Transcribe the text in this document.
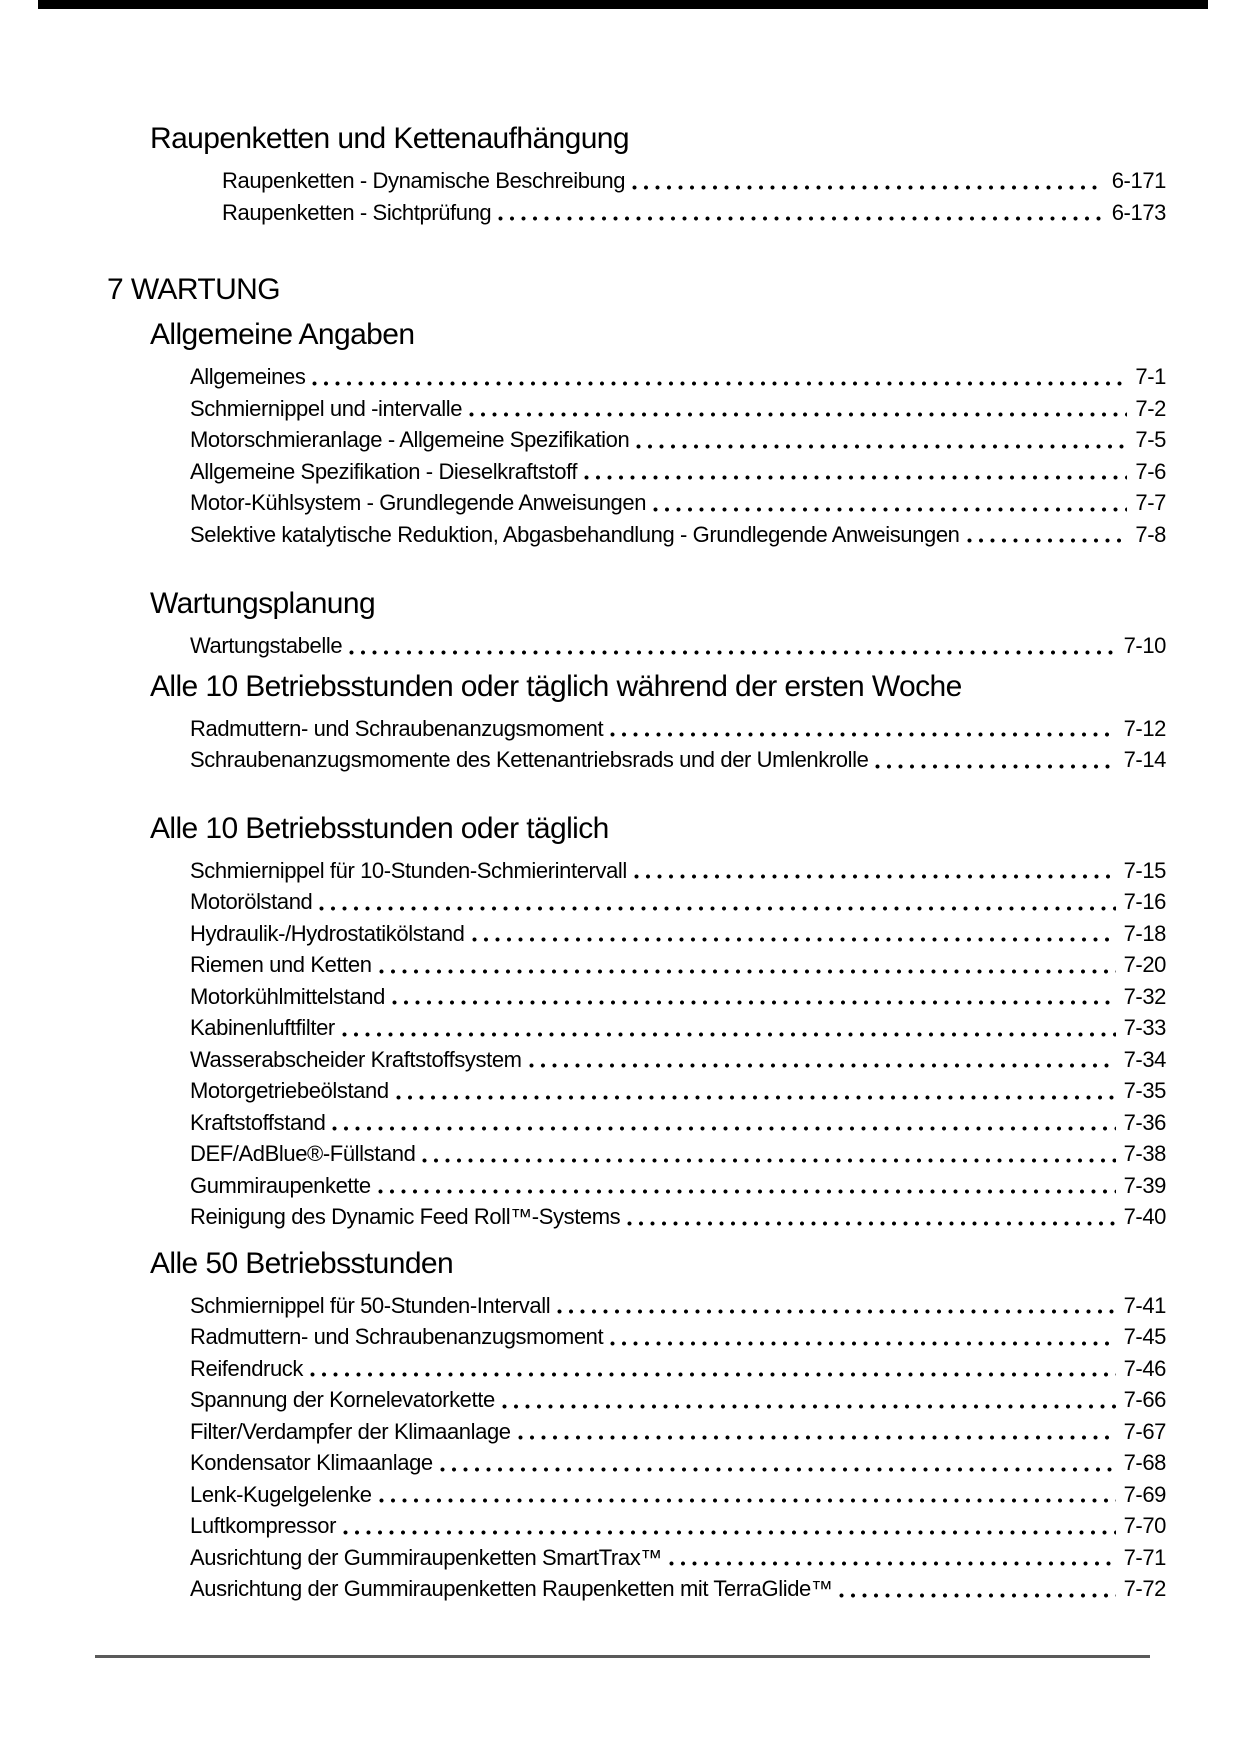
Raupenketten und Kettenaufhängung
Raupenketten - Dynamische Beschreibung	6-171
Raupenketten - Sichtprüfung	6-173
7 WARTUNG
Allgemeine Angaben
Allgemeines	7-1
Schmiernippel und -intervalle	7-2
Motorschmieranlage - Allgemeine Spezifikation	7-5
Allgemeine Spezifikation - Dieselkraftstoff	7-6
Motor-Kühlsystem - Grundlegende Anweisungen	7-7
Selektive katalytische Reduktion, Abgasbehandlung - Grundlegende Anweisungen	7-8
Wartungsplanung
Wartungstabelle	7-10
Alle 10 Betriebsstunden oder täglich während der ersten Woche
Radmuttern- und Schraubenanzugsmoment	7-12
Schraubenanzugsmomente des Kettenantriebsrads und der Umlenkrolle	7-14
Alle 10 Betriebsstunden oder täglich
Schmiernippel für 10-Stunden-Schmierintervall	7-15
Motorölstand	7-16
Hydraulik-/Hydrostatikölstand	7-18
Riemen und Ketten	7-20
Motorkühlmittelstand	7-32
Kabinenluftfilter	7-33
Wasserabscheider Kraftstoffsystem	7-34
Motorgetriebeölstand	7-35
Kraftstoffstand	7-36
DEF/AdBlue®-Füllstand	7-38
Gummiraupenkette	7-39
Reinigung des Dynamic Feed Roll™-Systems	7-40
Alle 50 Betriebsstunden
Schmiernippel für 50-Stunden-Intervall	7-41
Radmuttern- und Schraubenanzugsmoment	7-45
Reifendruck	7-46
Spannung der Kornelevatorkette	7-66
Filter/Verdampfer der Klimaanlage	7-67
Kondensator Klimaanlage	7-68
Lenk-Kugelgelenke	7-69
Luftkompressor	7-70
Ausrichtung der Gummiraupenketten SmartTrax™	7-71
Ausrichtung der Gummiraupenketten Raupenketten mit TerraGlide™	7-72
